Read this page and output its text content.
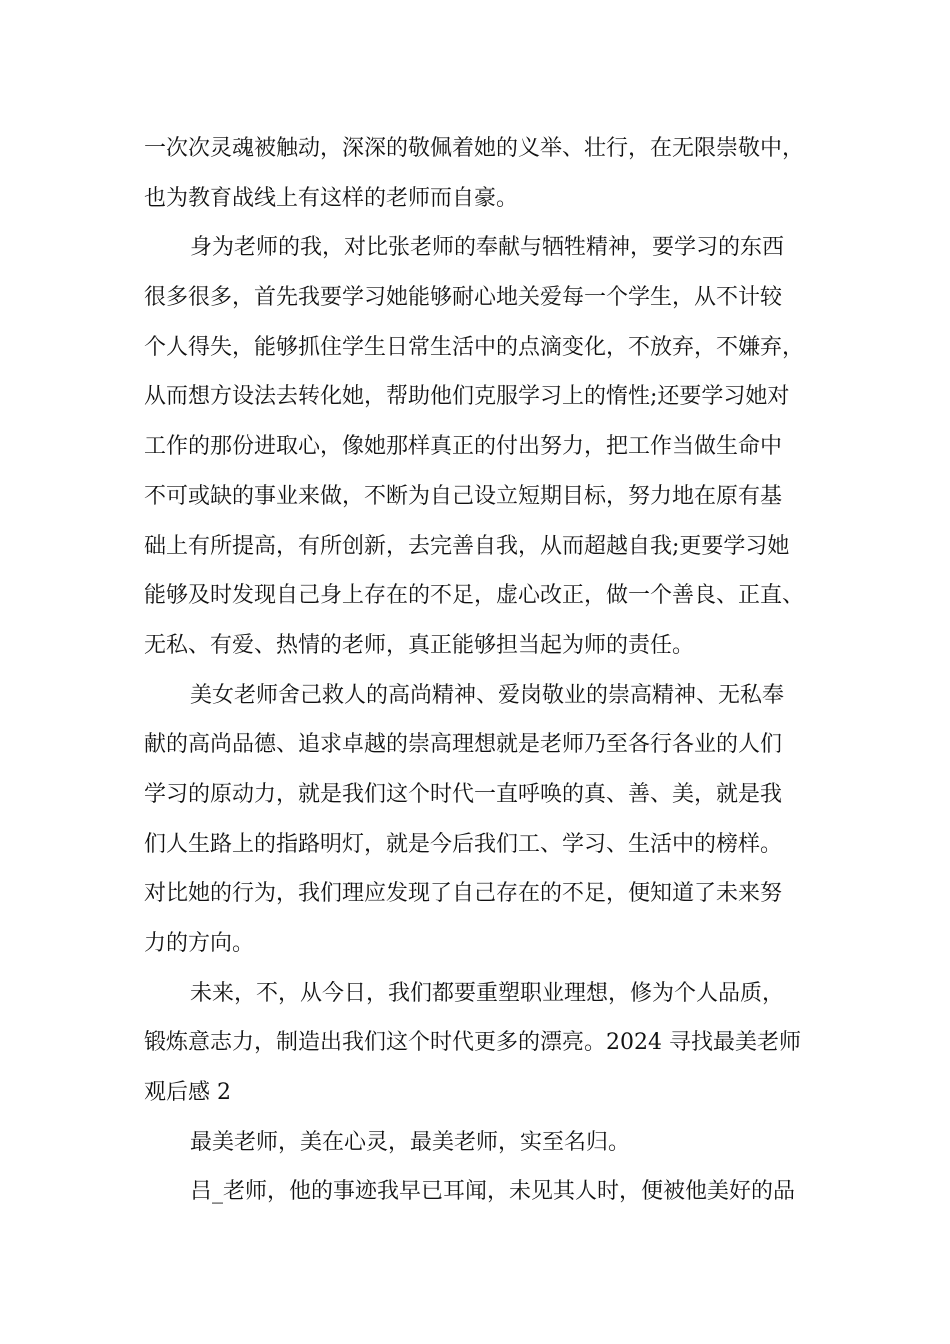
一次次灵魂被触动，深深的敬佩着她的义举、壮行，在无限崇敬中，
也为教育战线上有这样的老师而自豪。
身为老师的我，对比张老师的奉献与牺牲精神，要学习的东西
很多很多，首先我要学习她能够耐心地关爱每一个学生，从不计较
个人得失，能够抓住学生日常生活中的点滴变化，不放弃，不嫌弃，
从而想方设法去转化她，帮助他们克服学习上的惰性;还要学习她对
工作的那份进取心，像她那样真正的付出努力，把工作当做生命中
不可或缺的事业来做，不断为自己设立短期目标，努力地在原有基
础上有所提高，有所创新，去完善自我，从而超越自我;更要学习她
能够及时发现自己身上存在的不足，虚心改正，做一个善良、正直、
无私、有爱、热情的老师，真正能够担当起为师的责任。
美女老师舍己救人的高尚精神、爱岗敬业的崇高精神、无私奉
献的高尚品德、追求卓越的崇高理想就是老师乃至各行各业的人们
学习的原动力，就是我们这个时代一直呼唤的真、善、美，就是我
们人生路上的指路明灯，就是今后我们工、学习、生活中的榜样。
对比她的行为，我们理应发现了自己存在的不足，便知道了未来努
力的方向。
未来，不，从今日，我们都要重塑职业理想，修为个人品质，
锻炼意志力，制造出我们这个时代更多的漂亮。2024 寻找最美老师
观后感 2
最美老师，美在心灵，最美老师，实至名归。
吕_老师，他的事迹我早已耳闻，未见其人时，便被他美好的品
